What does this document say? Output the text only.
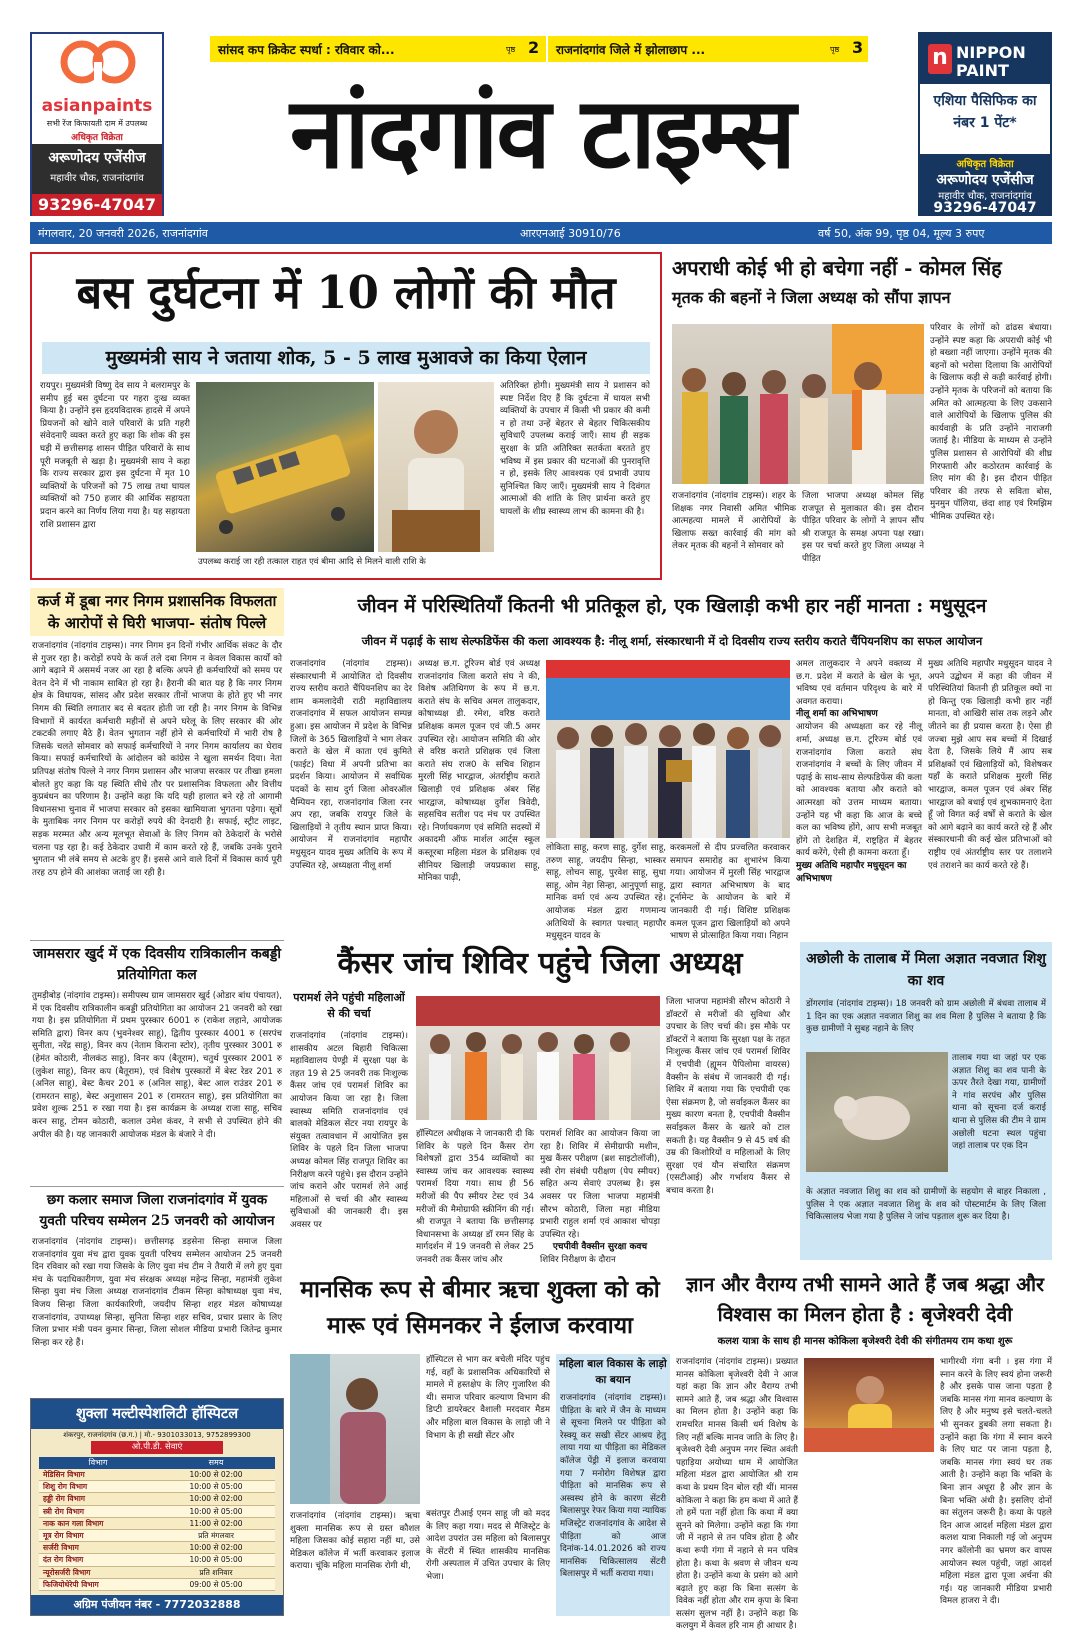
asianpaints
सभी रेंज किफायती दाम में उपलब्ध
अधिकृत विक्रेता
अरूणोदय एजेंसीज
महावीर चौक, राजनांदगांव
93296-47047
n NIPPON PAINT
एशिया पैसिफिक का नंबर 1 पेंट*
अधिकृत विक्रेता
अरूणोदय एजेंसीज
महावीर चौक, राजनांदगांव
93296-47047
सांसद कप क्रिकेट स्पर्धा : रविवार को...	पृष्ठ 2 राजनांदगांव जिले में झोलाछाप ...	पृष्ठ 3
नांदगांव टाइम्स
मंगलवार, 20 जनवरी 2026, राजनांदगांव	आरएनआई 30910/76	वर्ष 50, अंक 99, पृष्ठ 04, मूल्य 3 रुपए
बस दुर्घटना में 10 लोगों की मौत
मुख्यमंत्री साय ने जताया शोक, 5 - 5 लाख मुआवजे का किया ऐलान
रायपुर। मुख्यमंत्री विष्णु देव साय ने बलरामपुर के समीप हुई बस दुर्घटना पर गहरा दुःख व्यक्त किया है। उन्होंने इस हृदयविदारक हादसे में अपने प्रियजनों को खोने वाले परिवारों के प्रति गहरी संवेदनाएँ व्यक्त करते हुए कहा कि शोक की इस घड़ी में छत्तीसगढ़ शासन पीड़ित परिवारों के साथ पूरी मजबूती से खड़ा है। मुख्यमंत्री साय ने कहा कि राज्य सरकार द्वारा इस दुर्घटना में मृत 10 व्यक्तियों के परिजनों को 75 लाख तथा घायल व्यक्तियों को 750 हजार की आर्थिक सहायता प्रदान करने का निर्णय लिया गया है। यह सहायता राशि प्रशासन द्वारा
उपलब्ध कराई जा रही तत्काल राहत एवं बीमा आदि से मिलने वाली राशि के
अतिरिक्त होगी। मुख्यमंत्री साय ने प्रशासन को स्पष्ट निर्देश दिए हैं कि दुर्घटना में घायल सभी व्यक्तियों के उपचार में किसी भी प्रकार की कमी न हो तथा उन्हें बेहतर से बेहतर चिकित्सकीय सुविधाएँ उपलब्ध कराई जाएँ। साथ ही सड़क सुरक्षा के प्रति अतिरिक्त सतर्कता बरतते हुए भविष्य में इस प्रकार की घटनाओं की पुनरावृत्ति न हो, इसके लिए आवश्यक एवं प्रभावी उपाय सुनिश्चित किए जाएँ। मुख्यमंत्री साय ने दिवंगत आत्माओं की शांति के लिए प्रार्थना करते हुए घायलों के शीघ्र स्वास्थ्य लाभ की कामना की है।
अपराधी कोई भी हो बचेगा नहीं - कोमल सिंह
मृतक की बहनों ने जिला अध्यक्ष को सौंपा ज्ञापन
राजनांदगांव (नांदगांव टाइम्स)। शहर के शिक्षक नगर निवासी अमित भीमिक आत्महत्या मामले में आरोपियों के खिलाफ सख्त कार्रवाई की मांग को लेकर मृतक की बहनों ने सोमवार को
जिला भाजपा अध्यक्ष कोमल सिंह राजपूत से मुलाकात की। इस दौरान पीड़ित परिवार के लोगों ने ज्ञापन सौंप श्री राजपूत के समक्ष अपना पक्ष रखा। इस पर चर्चा करते हुए जिला अध्यक्ष ने पीड़ित
परिवार के लोगों को ढांढस बंधाया। उन्होंने स्पष्ट कहा कि अपराधी कोई भी हो बख्शा नहीं जाएगा। उन्होंने मृतक की बहनों को भरोसा दिलाया कि आरोपियों के खिलाफ कड़ी से कड़ी कार्रवाई होगी। उन्होंने मृतक के परिजनों को बताया कि अमित को आत्महत्या के लिए उकसाने वाले आरोपियों के खिलाफ पुलिस की कार्यवाही के प्रति उन्होंने नाराजगी जताई है। मीडिया के माध्यम से उन्होंने पुलिस प्रशासन से आरोपियों की शीघ्र गिरफ्तारी और कठोरतम कार्रवाई के लिए मांग की है। इस दौरान पीड़ित परिवार की तरफ से सविता बोस, मुनमुन पॉलिया, छंदा शाह एवं रिमझिम भीमिक उपस्थित रहे।
कर्ज में डूबा नगर निगम प्रशासनिक विफलता के आरोपों से घिरी भाजपा- संतोष पिल्ले
राजनांदगांव (नांदगांव टाइम्स)। नगर निगम इन दिनों गंभीर आर्थिक संकट के दौर से गुजर रहा है। करोड़ों रुपये के कर्ज तले दबा निगम न केवल विकास कार्यों को आगे बढ़ाने में असमर्थ नजर आ रहा है बल्कि अपने ही कर्मचारियों को समय पर वेतन देने में भी नाकाम साबित हो रहा है। हैरानी की बात यह है कि नगर निगम क्षेत्र के विधायक, सांसद और प्रदेश सरकार तीनों भाजपा के होते हुए भी नगर निगम की स्थिति लगातार बद से बदतर होती जा रही है। नगर निगम के विभिन्न विभागों में कार्यरत कर्मचारी महीनों से अपने घरेलू के लिए सरकार की ओर टकटकी लगाए बैठे हैं। वेतन भुगतान नहीं होने से कर्मचारियों में भारी रोष है जिसके चलते सोमवार को सफाई कर्मचारियों ने नगर निगम कार्यालय का घेराव किया। सफाई कर्मचारियों के आंदोलन को कांग्रेस ने खुला समर्थन दिया। नेता प्रतिपक्ष संतोष पिल्ले ने नगर निगम प्रशासन और भाजपा सरकार पर तीखा हमला बोलते हुए कहा कि यह स्थिति सीधे तौर पर प्रशासनिक विफलता और वित्तीय कुप्रबंधन का परिणाम है। उन्होंने कहा कि यदि यही हालात बने रहे तो आगामी विधानसभा चुनाव में भाजपा सरकार को इसका खामियाजा भुगतना पड़ेगा। सूत्रों के मुताबिक नगर निगम पर करोड़ों रुपये की देनदारी है। सफाई, स्ट्रीट लाइट, सड़क मरम्मत और अन्य मूलभूत सेवाओं के लिए निगम को ठेकेदारों के भरोसे चलना पड़ रहा है। कई ठेकेदार उधारी में काम करते रहे हैं, जबकि उनके पुराने भुगतान भी लंबे समय से अटके हुए हैं। इससे आने वाले दिनों में विकास कार्य पूरी तरह ठप होने की आशंका जताई जा रही है।
जामसरार खुर्द में एक दिवसीय रात्रिकालीन कबड्डी प्रतियोगिता कल
तुमड़ीबोड़ (नांदगांव टाइम्स)। समीपस्थ ग्राम जामसरार खुर्द (ओडार बांध पंचायत), में एक दिवसीय रात्रिकालीन कबड्डी प्रतियोगिता का आयोजन 21 जनवरी को रखा गया है। इस प्रतियोगिता में प्रथम पुरस्कार 6001 रु (राकेश लहाने, आयोजक समिति द्वारा) विनर कप (भुवनेश्वर साहू), द्वितीय पुरस्कार 4001 रु (सरपंच सुनीता, नरेंद्र साहू), विनर कप (नेताम किराना स्टोर), तृतीय पुरस्कार 3001 रु (हेमंत कोठारी, नीलकंठ साहू), विनर कप (बैतूराम), चतुर्थ पुरस्कार 2001 रु (लुकेश साहू), विनर कप (बैतूराम), एवं विशेष पुरस्कारों में बेस्ट रेडर 201 रु (अनिल साहू), बेस्ट कैचर 201 रु (अनिल साहू), बेस्ट आल राउंडर 201 रु (रामरतन साहू), बेस्ट अनुशासन 201 रु (रामरतन साहू), इस प्रतियोगिता का प्रवेश शुल्क 251 रु रखा गया है। इस कार्यक्रम के अध्यक्ष राजा साहू, सचिव करन साहू, टोमन कोठारी, कलाल उमेश कंवर, ने सभी से उपस्थित होने की अपील की है। यह जानकारी आयोजक मंडल के बंजारे ने दी।
छग कलार समाज जिला राजनांदगांव में युवक युवती परिचय सम्मेलन 25 जनवरी को आयोजन
राजनांदगांव (नांदगांव टाइम्स)। छत्तीसगढ़ डड़सेना सिन्हा समाज जिला राजनांदगांव युवा मंच द्वारा युवक युवती परिचय सम्मेलन आयोजन 25 जनवरी दिन रविवार को रखा गया जिसके के लिए युवा मंच टीम ने तैयारी में लगे हुए युवा मंच के पदाधिकारीगण, युवा मंच संरक्षक अध्यक्ष महेन्द्र सिन्हा, महामंत्री लुकेश सिन्हा युवा मंच जिला अध्यक्ष राजनांदगांव टीकम सिन्हा कोषाध्यक्ष युवा मंच, विजय सिन्हा जिला कार्यकारिणी, जयदीप सिन्हा शहर मंडल कोषाध्यक्ष राजनांदगांव, उपाध्यक्ष सिन्हा, सुनिता सिन्हा शहर सचिव, प्रचार प्रसार के लिए जिला प्रभार मंत्री पवन कुमार सिन्हा, जिला सोशल मीडिया प्रभारी जितेन्द्र कुमार सिन्हा कर रहे हैं।
शुक्ला मल्टीस्पेशलिटी हॉस्पिटल
शंकरपुर, राजनांदगांव (छ.ग.) | मो.- 9301033013, 9752899300
ओ.पी.डी. सेवाएं
विभाग	समय
मेडिसिन विभाग	10:00 से 02:00
शिशु रोग विभाग	10:00 से 05:00
हड्डी रोग विभाग	10:00 से 02:00
स्त्री रोग विभाग	10:00 से 05:00
नाक कान गला विभाग	11:00 से 02:00
मूत्र रोग विभाग	प्रति मंगलवार
सर्जरी विभाग	10:00 से 02:00
दंत रोग विभाग	10:00 से 05:00
न्यूरोसर्जरी विभाग	प्रति शनिवार
फिजियोथेरेपी विभाग	09:00 से 05:00
अग्रिम पंजीयन नंबर - 7772032888
जीवन में परिस्थितियाँ कितनी भी प्रतिकूल हो, एक खिलाड़ी कभी हार नहीं मानता : मधुसूदन
जीवन में पढ़ाई के साथ सेल्फडिफेंस की कला आवश्यक है: नीलू शर्मा, संस्कारधानी में दो दिवसीय राज्य स्तरीय कराते चैंपियनशिप का सफल आयोजन
राजनांदगांव (नांदगांव टाइम्स)। संस्कारधानी में आयोजित दो दिवसीय राज्य स्तरीय कराते चैंपियनशिप का देर शाम कमलादेवी राठी महाविद्यालय राजनांदगांव में सफल आयोजन सम्पन्न हुआ। इस आयोजन में प्रदेश के विभिन्न जिलों के 365 खिलाड़ियों ने भाग लेकर कराते के खेल में काता एवं कुमिते (फाईट) विधा में अपनी प्रतिभा का प्रदर्शन किया। आयोजन में सर्वाधिक पदकों के साथ दुर्ग जिला ओवरऑल चैम्पियन रहा, राजनांदगांव जिला रनर अप रहा, जबकि रायपुर जिले के खिलाड़ियों ने तृतीय स्थान प्राप्त किया। आयोजन में राजनांदगांव महापौर मधुसूदन यादव मुख्य अतिथि के रूप में उपस्थित रहे, अध्यक्षता नीलू शर्मा
अध्यक्ष छ.ग. टूरिज्म बोर्ड एवं अध्यक्ष राजनांदगांव जिला कराते संघ ने की, विशेष अतिथिगण के रूप में छ.ग. कराते संघ के सचिव अमल तालुकदार, कोषाध्यक्ष डी. रमेश, वरिष्ठ कराते प्रशिक्षक कमल पूजन एवं जी.5 अमर उपस्थित रहे। आयोजन समिति की ओर से वरिष्ठ कराते प्रशिक्षक एवं जिला कराते संघ राज0 के सचिव शिहान मुरली सिंह भारद्वाज, अंतर्राष्ट्रीय कराते खिलाड़ी एवं प्रशिक्षक अंबर सिंह भारद्वाज, कोषाध्यक्ष दुर्गेश त्रिवेदी, सहसचिव सतीश पद मंच पर उपस्थित रहे। निर्णायकगण एवं समिति सदस्यों में अकादमी ऑफ मार्शल आर्ट्स स्कूल कस्तूरबा महिला मंडल के प्रशिक्षक एवं सीनियर खिलाड़ी जयप्रकाश साहू, मोनिका पाढ़ी,
लोकिता साहू, करण साहू, दुर्गेश साहू, तरुण साहू, जयदीप सिन्हा, भास्कर साहू, लोचन साहू, पुरवेश साहू, सुधा साहू, ओम नेहा सिन्हा, आनुपूर्णा साहू, मानिक वर्मा एवं अन्य उपस्थित रहे। आयोजक मंडल द्वारा गणमान्य अतिथियों के स्वागत पश्चात् महापौर मधुसूदन यादव के
करकमलों से दीप प्रज्वलित करवाकर समापन समारोह का शुभारंभ किया गया। आयोजन में मुरली सिंह भारद्वाज द्वारा स्वागत अभिभाषण के बाद टूर्नामेन्ट के आयोजन के बारे में जानकारी दी गई। विशिष्ट प्रशिक्षक कमल पूजन द्वारा खिलाड़ियों को अपने भाषण से प्रोत्साहित किया गया। निहान
अमल तालुकदार ने अपने वक्तव्य में छ.ग. प्रदेश में कराते के खेल के भूत, भविष्य एवं वर्तमान परिदृश्य के बारे में अवगत कराया।
नीलू शर्मा का अभिभाषण
आयोजन की अध्यक्षता कर रहे नीलू शर्मा, अध्यक्ष छ.ग. टूरिज्म बोर्ड एवं राजनांदगांव जिला कराते संघ राजनांदगांव ने बच्चों के लिए जीवन में पढ़ाई के साथ-साथ सेल्फडिफेंस की कला को आवश्यक बताया और कराते को आत्मरक्षा को उत्तम माध्यम बताया। उन्होंने यह भी कहा कि आज के बच्चे कल का भविष्य होंगे, आप सभी मजबूत होंगे तो देशहित में, राष्ट्रहित में बेहतर कार्य करेंगे, ऐसी ही कामना करता हूँ।
मुख्य अतिथि महापौर मधुसूदन का अभिभाषण
मुख्य अतिथि महापौर मधुसूदन यादव ने अपने उद्बोधन में कहा की जीवन में परिस्थितियां कितनी ही प्रतिकूल क्यों ना हो किन्तु एक खिलाड़ी कभी हार नहीं मानता, वो आखिरी सांस तक लड़ने और जीतने का ही प्रयास करता है। ऐसा ही जज्बा मुझे आप सब बच्चों में दिखाई देता है, जिसके लिये मैं आप सब प्रशिक्षकों एवं खिलाड़ियों को, विशेषकर यहाँ के कराते प्रशिक्षक मुरली सिंह भारद्वाज, कमल पूजन एवं अंबर सिंह भारद्वाज को बधाई एवं शुभकामनाएं देता हूँ जो विगत कई वर्षों से कराते के खेल को आगे बढ़ाने का कार्य करते रहे हैं और संस्कारधानी की कई खेल प्रतिभाओं को राष्ट्रीय एवं अंतर्राष्ट्रीय स्तर पर तलाशने एवं तराशने का कार्य करते रहे हैं।
कैंसर जांच शिविर पहुंचे जिला अध्यक्ष
परामर्श लेने पहुंची महिलाओं से की चर्चा
राजनांदगांव (नांदगांव टाइम्स)। शासकीय अटल बिहारी चिकित्सा महाविद्यालय पेण्ड्री में सुरक्षा पक्ष के तहत 19 से 25 जनवरी तक निःशुल्क कैंसर जांच एवं परामर्श शिविर का आयोजन किया जा रहा है। जिला स्वास्थ्य समिति राजनांदगांव एवं बालको मेडिकल सेंटर नया रायपुर के संयुक्त तत्वावधान में आयोजित इस शिविर के पहले दिन जिला भाजपा अध्यक्ष कोमल सिंह राजपूत शिविर का निरीक्षण करने पहुंचे। इस दौरान उन्होंने जांच कराने और परामर्श लेने आई महिलाओं से चर्चा की और स्वास्थ्य सुविधाओं की जानकारी दी। इस अवसर पर
हॉस्पिटल अधीक्षक ने जानकारी दी कि शिविर के पहले दिन कैंसर रोग विशेषज्ञों द्वारा 354 व्यक्तियों का स्वास्थ्य जांच कर आवश्यक स्वास्थ्य परामर्श दिया गया। साथ ही 56 मरीजों की पैप स्मीयर टेस्ट एवं 34 मरीजों की मैमोग्राफी स्क्रीनिंग की गई। श्री राजपूत ने बताया कि छत्तीसगढ़ विधानसभा के अध्यक्ष डॉ रमन सिंह के मार्गदर्शन में 19 जनवरी से लेकर 25 जनवरी तक कैंसर जांच और
परामर्श शिविर का आयोजन किया जा रहा है। शिविर में सेमीग्राफी मशीन, मुख कैंसर परीक्षण (ब्रश साइटोलॉजी), स्त्री रोग संबंधी परीक्षण (पेप स्मीयर) सहित अन्य सेवाएं उपलब्ध है। इस अवसर पर जिला भाजपा महामंत्री सौरभ कोठारी, जिला महा मीडिया प्रभारी राहुल शर्मा एवं आकाश चोपड़ा उपस्थित रहे।
एचपीवी वैक्सीन सुरक्षा कवच
शिविर निरीक्षण के दौरान
जिला भाजपा महामंत्री सौरभ कोठारी ने डॉक्टरों से मरीजों की सुविधा और उपचार के लिए चर्चा की। इस मौके पर डॉक्टरों ने बताया कि सुरक्षा पक्ष के तहत निःशुल्क कैंसर जांच एवं परामर्श शिविर में एचपीवी (ह्यूमन पैपिलोमा वायरस) वैक्सीन के संबंध में जानकारी दी गई। शिविर में बताया गया कि एचपीवी एक ऐसा संक्रमण है, जो सर्वाइकल कैंसर का मुख्य कारण बनता है, एचपीवी वैक्सीन सर्वाइकल कैंसर के खतरे को टाल सकती है। यह वैक्सीन 9 से 45 वर्ष की उम्र की किशोरियों व महिलाओं के लिए सुरक्षा एवं यौन संचारित संक्रमण (एसटीआई) और गर्भाशय कैंसर से बचाव करता है।
अछोली के तालाब में मिला अज्ञात नवजात शिशु का शव
डोंगरगांव (नांदगांव टाइम्स)। 18 जनवरी को ग्राम अछोली में बंधवा तालाब में 1 दिन का एक अज्ञात नवजात शिशु का शव मिला है पुलिस ने बताया है कि कुछ ग्रामीणों ने सुबह नहाने के लिए
तालाब गया था जहां पर एक अज्ञात शिशु का शव पानी के ऊपर तैरते देखा गया, ग्रामीणों ने गांव सरपंच और पुलिस थाना को सूचना दर्ज कराई थाना से पुलिस की टीम ने ग्राम अछोली घटना स्थल पहुंचा जहां तालाब पर एक दिन
के अज्ञात नवजात शिशु का शव को ग्रामीणों के सहयोग से बाहर निकाला , पुलिस ने एक अज्ञात नवजात शिशु के शव को पोस्टमार्टम के लिए जिला चिकित्सालय भेजा गया है पुलिस ने जांच पड़ताल शुरू कर दिया है।
मानसिक रूप से बीमार ऋचा शुक्ला को को मारू एवं सिमनकर ने ईलाज करवाया
राजनांदगांव (नांदगांव टाइम्स)। ऋचा शुक्ला मानसिक रूप से ग्रस्त कौशल महिला जिसका कोई सहारा नहीं था, उसे मेडिकल कॉलेज में भर्ती करवाकर इलाज कराया। चूंकि महिला मानसिक रोगी थी,
हॉस्पिटल से भाग कर बचेली मंदिर पहुंच गई, वहाँ के प्रशासनिक अधिकारियों से मामले में हस्तक्षेप के लिए गुजारिश की थी। समाज परिवार कल्याण विभाग की डिप्टी डायरेक्टर वैशाली मरदवार मैडम और महिला बाल विकास के लाड़ो जी ने विभाग के ही सखी सेंटर और
बसंतपुर टीआई एमन साहू जी को मदद के लिए कहा गया। मदद से मैजिस्ट्रेट के आदेश उपरांत उस महिला को बिलासपुर के सेंटरी में स्थित शासकीय मानसिक रोगी अस्पताल में उचित उपचार के लिए भेजा।
महिला बाल विकास के लाड़ो का बयान
राजनांदगांव (नांदगांव टाइम्स)। पीड़िता के बारे में जैन के माध्यम से सूचना मिलने पर पीड़िता को रेस्क्यू कर सखी सेंटर आश्रय हेतु लाया गया था पीड़िता का मेडिकल कॉलेज पेंड्री में इलाज करवाया गया 7 मनोरोग विशेषज्ञ द्वारा पीड़िता को मानसिक रूप से अस्वस्थ होने के कारण सेंटरी बिलासपुर रेफर किया गया न्यायिक मजिस्ट्रेट राजनांदगांव के आदेश से पीड़िता को आज दिनांक-14.01.2026 को राज्य मानसिक चिकित्सालय सेंटरी बिलासपुर में भर्ती कराया गया।
ज्ञान और वैराग्य तभी सामने आते हैं जब श्रद्धा और विश्वास का मिलन होता है : बृजेश्वरी देवी
कलश यात्रा के साथ ही मानस कोकिला बृजेश्वरी देवी की संगीतमय राम कथा शुरू
राजनांदगांव (नांदगांव टाइम्स)। प्रख्यात मानस कोकिला बृजेश्वरी देवी ने आज यहां कहा कि ज्ञान और वैराग्य तभी सामने आते हैं, जब श्रद्धा और विश्वास का मिलन होता है। उन्होंने कहा कि रामचरित मानस किसी धर्म विशेष के लिए नहीं बल्कि मानव जाति के लिए है। बृजेश्वरी देवी अनुपम नगर स्थित अवंती पहाड़िया अयोध्या धाम में आयोजित महिला मंडल द्वारा आयोजित श्री राम कथा के प्रथम दिन बोल रही थीं। मानस कोकिला ने कहा कि हम कथा में आते हैं तो हमें पता नहीं होता कि कथा में क्या सुनने को मिलेगा। उन्होंने कहा कि गंगा जी में नहाने से तन पवित्र होता है और कथा रूपी गंगा में नहाने से मन पवित्र होता है। कथा के श्रवण से जीवन धन्य होता है। उन्होंने कथा के प्रसंग को आगे बढ़ाते हुए कहा कि बिना सत्संग के विवेक नहीं होता और राम कृपा के बिना सत्संग सुलभ नहीं है। उन्होंने कहा कि कलयुग में केवल हरि नाम ही आधार है।
भागीरथी गंगा बनी । इस गंगा में स्नान करने के लिए स्वयं होना जरूरी है और इसके पास जाना पड़ता है जबकि मानस गंगा मानव कल्याण के लिए है और मनुष्य इसे चलते-चलते भी सुनकर डुबकी लगा सकता है। उन्होंने कहा कि गंगा में स्नान करने के लिए घाट पर जाना पड़ता है, जबकि मानस गंगा स्वयं घर तक आती है। उन्होंने कहा कि भक्ति के बिना ज्ञान अधूरा है और ज्ञान के बिना भक्ति अंधी है। इसलिए दोनों का संतुलन जरूरी है। कथा के पहले दिन आज आदर्श महिला मंडल द्वारा कलश यात्रा निकाली गई जो अनुपम नगर कॉलोनी का भ्रमण कर वापस आयोजन स्थल पहुंची, जहां आदर्श महिला मंडल द्वारा पूजा अर्चना की गई। यह जानकारी मीडिया प्रभारी विमल हाजरा ने दी।
